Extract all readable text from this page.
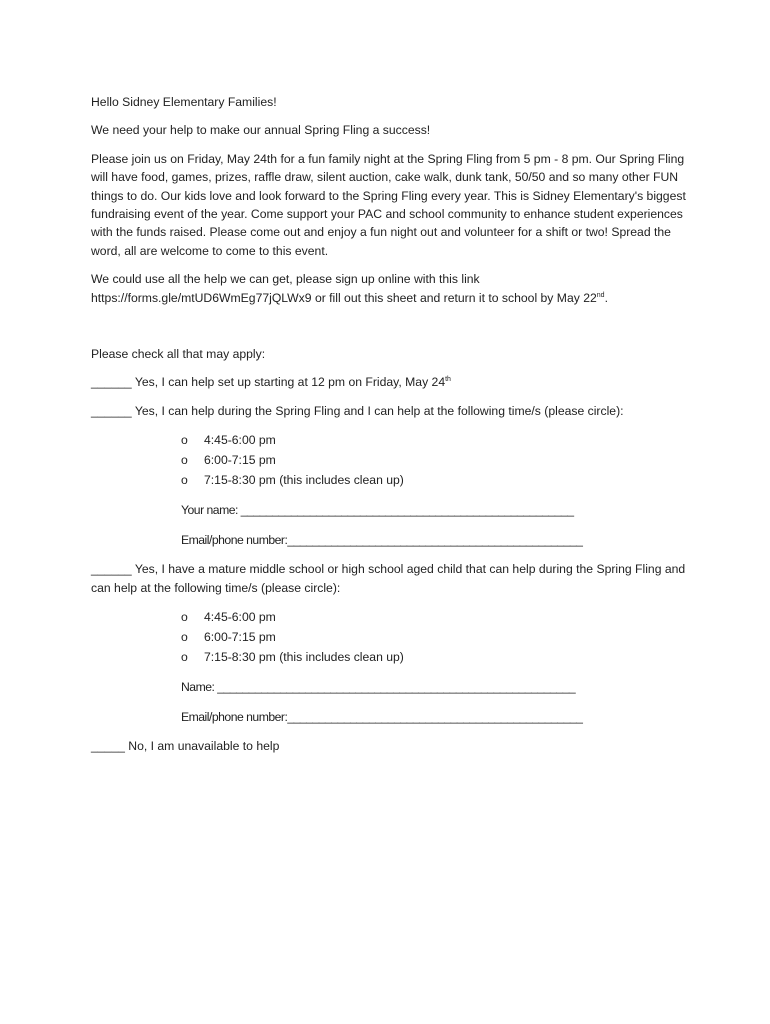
Hello Sidney Elementary Families!

We need your help to make our annual Spring Fling a success!

Please join us on Friday, May 24th for a fun family night at the Spring Fling from 5 pm - 8 pm. Our Spring Fling will have food, games, prizes, raffle draw, silent auction, cake walk, dunk tank, 50/50 and so many other FUN things to do. Our kids love and look forward to the Spring Fling every year. This is Sidney Elementary's biggest fundraising event of the year. Come support your PAC and school community to enhance student experiences with the funds raised. Please come out and enjoy a fun night out and volunteer for a shift or two! Spread the word, all are welcome to come to this event.

We could use all the help we can get, please sign up online with this link

https://forms.gle/mtUD6WmEg77jQLWx9 or fill out this sheet and return it to school by May 22nd.

Please check all that may apply:

______ Yes, I can help set up starting at 12 pm on Friday, May 24th

______ Yes, I can help during the Spring Fling and I can help at the following time/s (please circle):

o 4:45-6:00 pm
o 6:00-7:15 pm
o 7:15-8:30 pm (this includes clean up)

Your name: _____________________________________________________

Email/phone number:_______________________________________________

______ Yes, I have a mature middle school or high school aged child that can help during the Spring Fling and can help at the following time/s (please circle):

o 4:45-6:00 pm
o 6:00-7:15 pm
o 7:15-8:30 pm (this includes clean up)

Name: _________________________________________________________

Email/phone number:_______________________________________________

_____ No, I am unavailable to help
